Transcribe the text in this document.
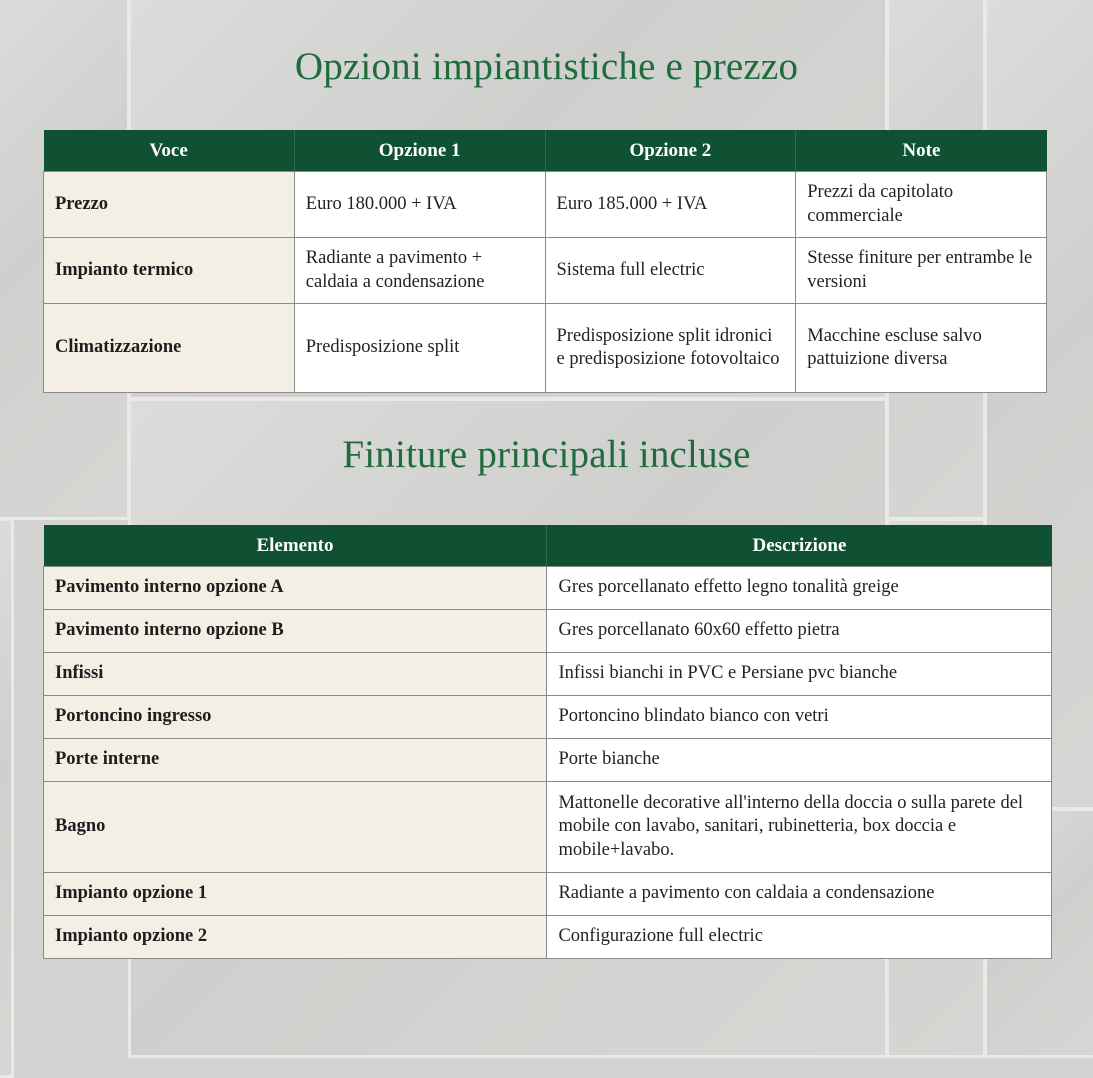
Opzioni impiantistiche e prezzo
Voce	Opzione 1	Opzione 2	Note
Prezzo	Euro 180.000 + IVA	Euro 185.000 + IVA	Prezzi da capitolato commerciale
Impianto termico	Radiante a pavimento + caldaia a condensazione	Sistema full electric	Stesse finiture per entrambe le versioni
Climatizzazione	Predisposizione split	Predisposizione split idronici e predisposizione fotovoltaico	Macchine escluse salvo pattuizione diversa
Finiture principali incluse
Elemento	Descrizione
Pavimento interno opzione A	Gres porcellanato effetto legno tonalità greige
Pavimento interno opzione B	Gres porcellanato 60x60 effetto pietra
Infissi	Infissi bianchi in PVC e Persiane pvc bianche
Portoncino ingresso	Portoncino blindato bianco con vetri
Porte interne	Porte bianche
Bagno	Mattonelle decorative all'interno della doccia o sulla parete del mobile con lavabo, sanitari, rubinetteria, box doccia e mobile+lavabo.
Impianto opzione 1	Radiante a pavimento con caldaia a condensazione
Impianto opzione 2	Configurazione full electric
